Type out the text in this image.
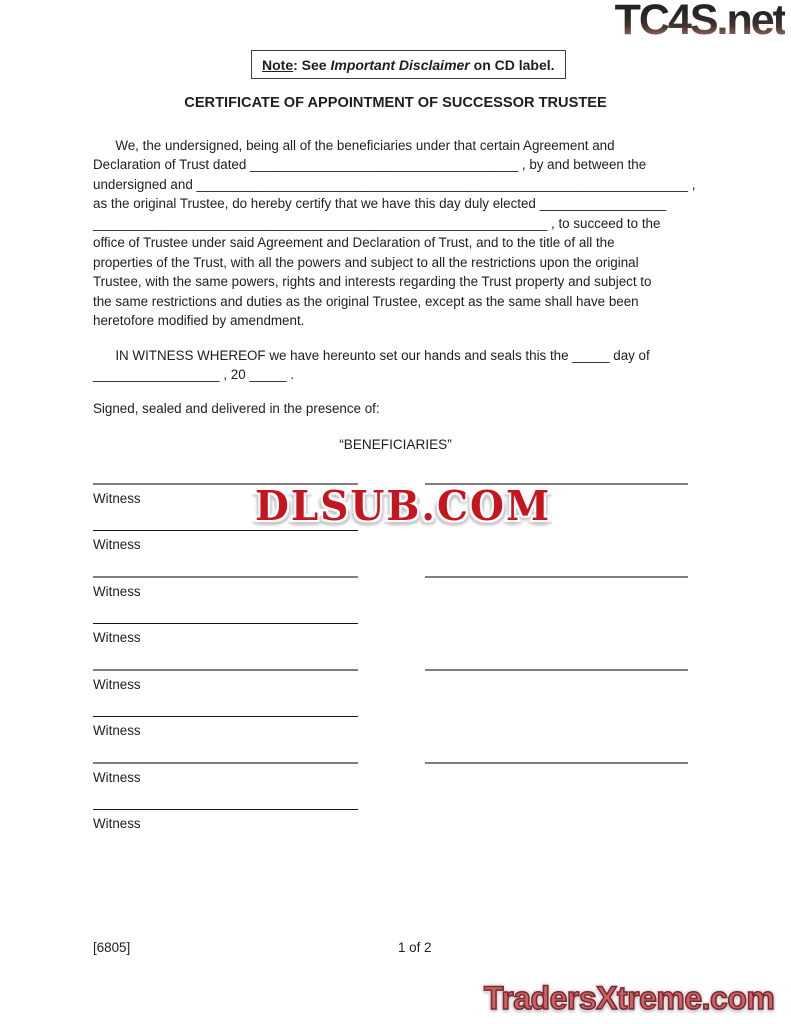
TC4S.net
Note : See Important Disclaimer on CD label.
CERTIFICATE OF APPOINTMENT OF SUCCESSOR TRUSTEE
We, the undersigned, being all of the beneficiaries under that certain Agreement and
Declaration of Trust dated ____________________________________ , by and between the
undersigned and __________________________________________________________________ ,
as the original Trustee, do hereby certify that we have this day duly elected _________________
_____________________________________________________________ , to succeed to the
office of Trustee under said Agreement and Declaration of Trust, and to the title of all the
properties of the Trust, with all the powers and subject to all the restrictions upon the original
Trustee, with the same powers, rights and interests regarding the Trust property and subject to
the same restrictions and duties as the original Trustee, except as the same shall have been
heretofore modified by amendment.
IN WITNESS WHEREOF we have hereunto set our hands and seals this the _____ day of
_________________ , 20 _____ .
Signed, sealed and delivered in the presence of:
“BENEFICIARIES”
Witness
Witness
Witness
Witness
Witness
Witness
Witness
Witness
DLSUB.COM
[6805]	1 of 2
TradersXtreme.com
